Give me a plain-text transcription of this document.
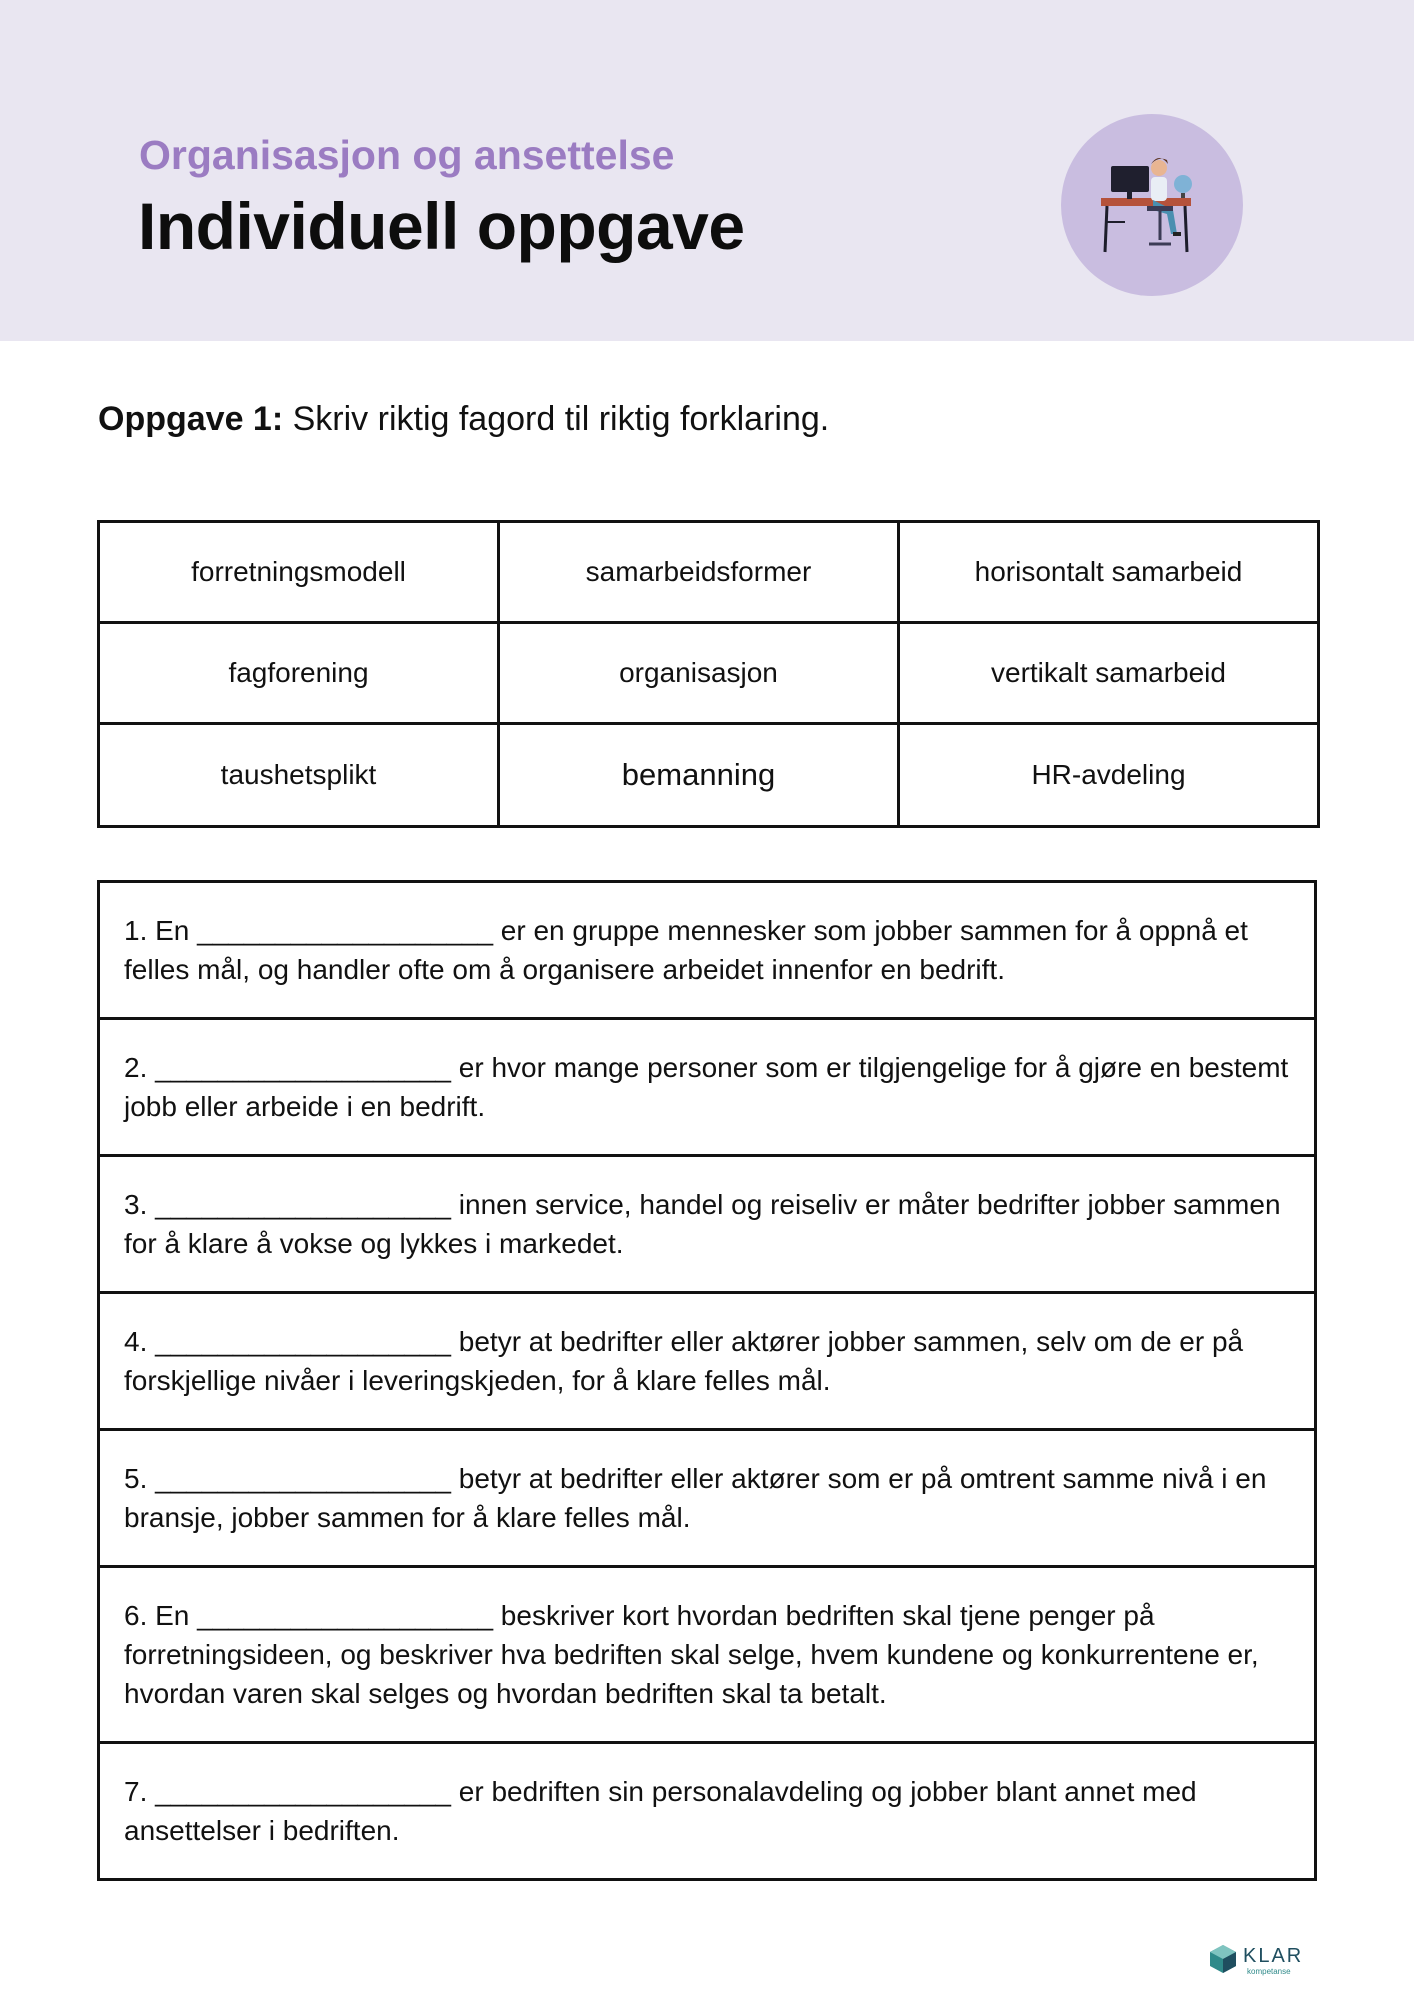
Organisasjon og ansettelse
Individuell oppgave
Oppgave 1: Skriv riktig fagord til riktig forklaring.
forretningsmodell	samarbeidsformer	horisontalt samarbeid
fagforening	organisasjon	vertikalt samarbeid
taushetsplikt	bemanning	HR-avdeling
1. En ___________________ er en gruppe mennesker som jobber sammen for å oppnå et felles mål, og handler ofte om å organisere arbeidet innenfor en bedrift.
2. ___________________ er hvor mange personer som er tilgjengelige for å gjøre en bestemt jobb eller arbeide i en bedrift.
3. ___________________ innen service, handel og reiseliv er måter bedrifter jobber sammen for å klare å vokse og lykkes i markedet.
4. ___________________ betyr at bedrifter eller aktører jobber sammen, selv om de er på forskjellige nivåer i leveringskjeden, for å klare felles mål.
5. ___________________ betyr at bedrifter eller aktører som er på omtrent samme nivå i en bransje, jobber sammen for å klare felles mål.
6. En ___________________ beskriver kort hvordan bedriften skal tjene penger på forretningsideen, og beskriver hva bedriften skal selge, hvem kundene og konkurrentene er, hvordan varen skal selges og hvordan bedriften skal ta betalt.
7. ___________________ er bedriften sin personalavdeling og jobber blant annet med ansettelser i bedriften.
KLAR
kompetanse
